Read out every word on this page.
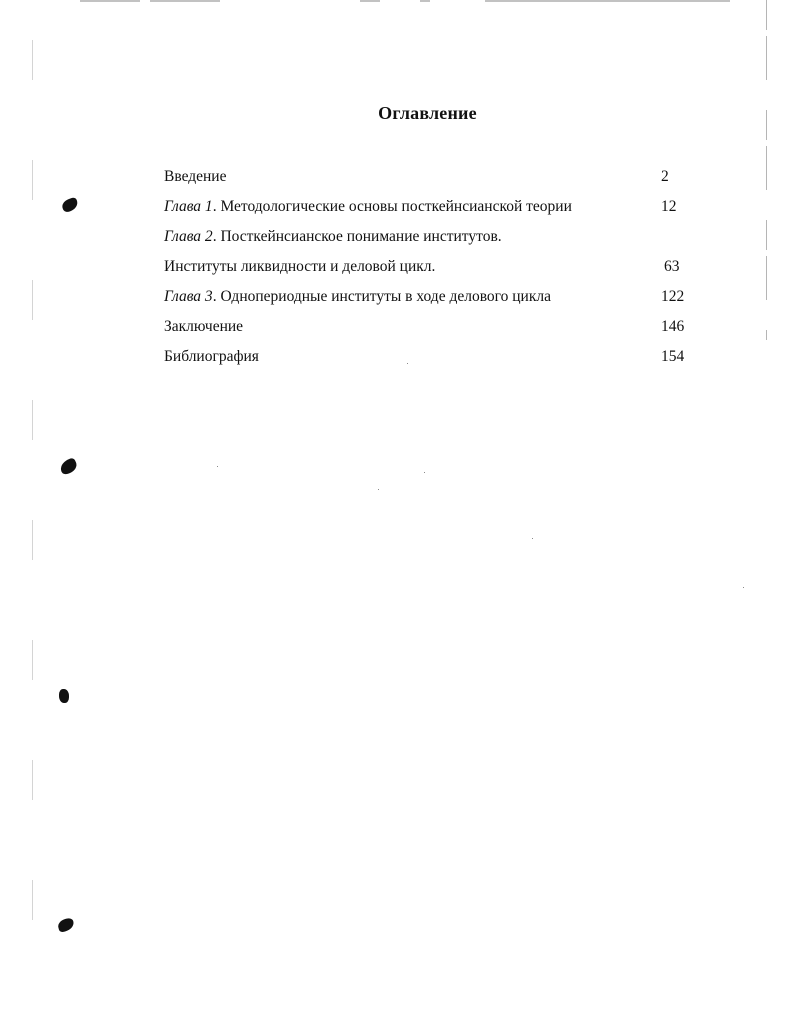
Оглавление
Введение	2
Глава 1. Методологические основы посткейнсианской теории	12
Глава 2. Посткейнсианское понимание институтов.
Институты ликвидности и деловой цикл.	63
Глава 3. Однопериодные институты в ходе делового цикла	122
Заключение	146
Библиография	154
